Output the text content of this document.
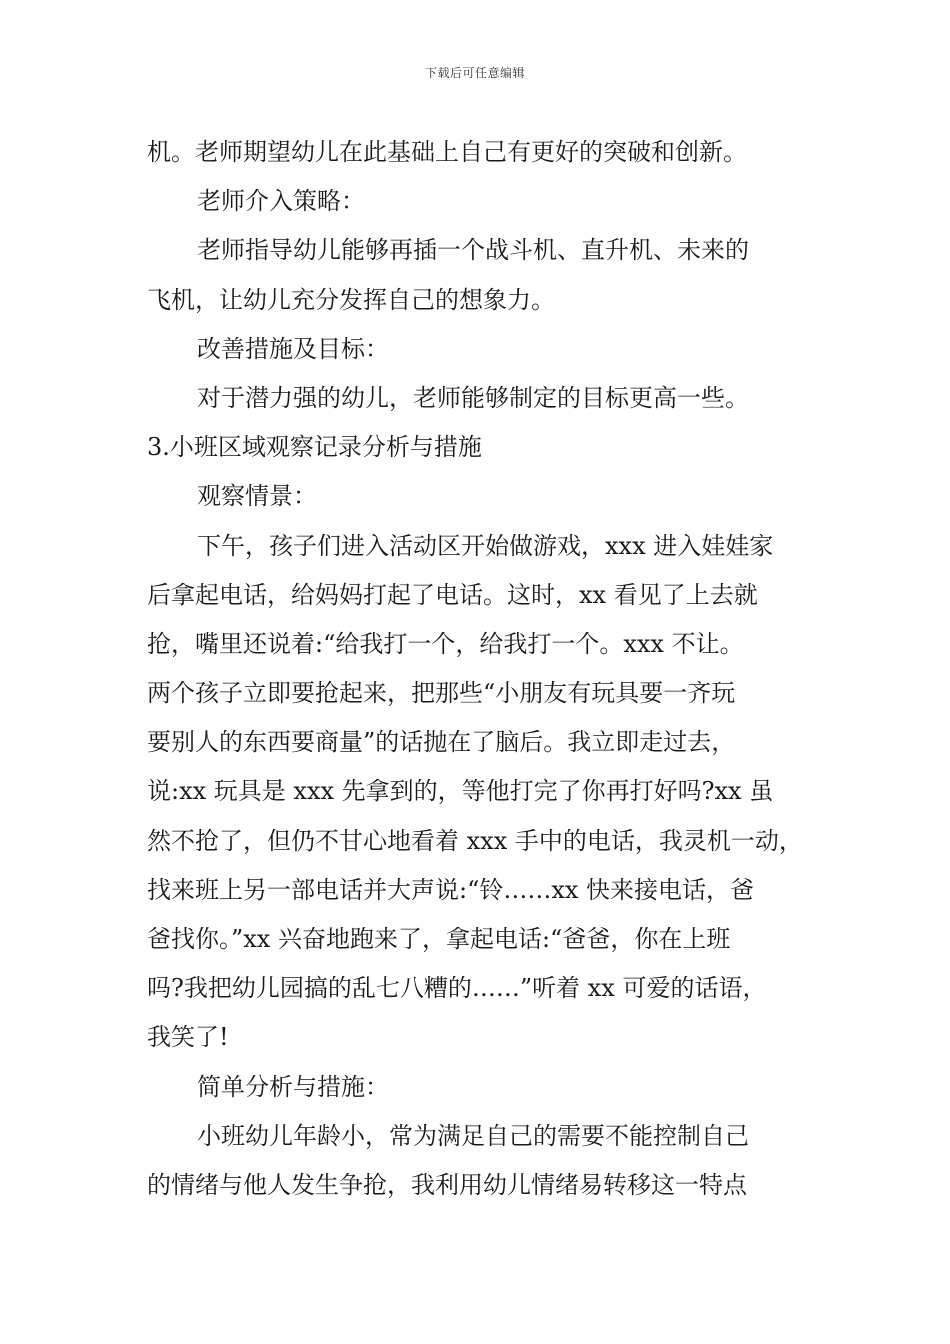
下载后可任意编辑
机。老师期望幼儿在此基础上自己有更好的突破和创新。
老师介入策略：
老师指导幼儿能够再插一个战斗机、直升机、未来的
飞机，让幼儿充分发挥自己的想象力。
改善措施及目标：
对于潜力强的幼儿，老师能够制定的目标更高一些。
3.小班区域观察记录分析与措施
观察情景：
下午，孩子们进入活动区开始做游戏，xxx 进入娃娃家
后拿起电话，给妈妈打起了电话。这时，xx 看见了上去就
抢，嘴里还说着:“给我打一个，给我打一个。xxx 不让。
两个孩子立即要抢起来，把那些“小朋友有玩具要一齐玩
要别人的东西要商量”的话抛在了脑后。我立即走过去，
说:xx 玩具是 xxx 先拿到的，等他打完了你再打好吗?xx 虽
然不抢了，但仍不甘心地看着 xxx 手中的电话，我灵机一动，
找来班上另一部电话并大声说:“铃……xx 快来接电话，爸
爸找你。”xx 兴奋地跑来了，拿起电话:“爸爸，你在上班
吗?我把幼儿园搞的乱七八糟的……”听着 xx 可爱的话语，
我笑了!
简单分析与措施：
小班幼儿年龄小，常为满足自己的需要不能控制自己
的情绪与他人发生争抢，我利用幼儿情绪易转移这一特点
